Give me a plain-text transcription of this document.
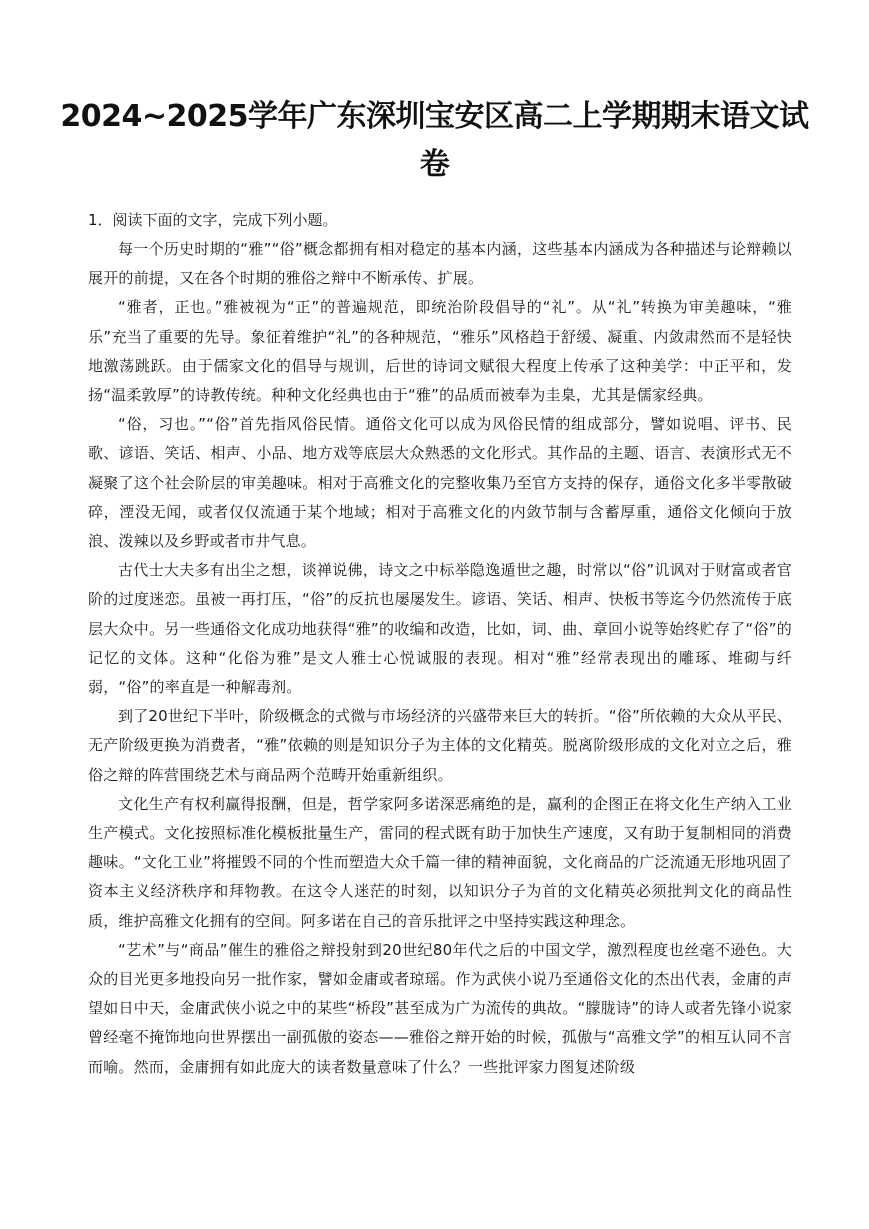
2024~2025学年广东深圳宝安区高二上学期期末语文试卷

1．阅读下面的文字，完成下列小题。

每一个历史时期的“雅”“俗”概念都拥有相对稳定的基本内涵，这些基本内涵成为各种描述与论辩赖以展开的前提，又在各个时期的雅俗之辩中不断承传、扩展。

“雅者，正也。”雅被视为“正”的普遍规范，即统治阶段倡导的“礼”。从“礼”转换为审美趣味，“雅乐”充当了重要的先导。象征着维护“礼”的各种规范，“雅乐”风格趋于舒缓、凝重、内敛肃然而不是轻快地激荡跳跃。由于儒家文化的倡导与规训，后世的诗词文赋很大程度上传承了这种美学：中正平和，发扬“温柔敦厚”的诗教传统。种种文化经典也由于“雅”的品质而被奉为圭臬，尤其是儒家经典。

“俗，习也。”“俗”首先指风俗民情。通俗文化可以成为风俗民情的组成部分，譬如说唱、评书、民歌、谚语、笑话、相声、小品、地方戏等底层大众熟悉的文化形式。其作品的主题、语言、表演形式无不凝聚了这个社会阶层的审美趣味。相对于高雅文化的完整收集乃至官方支持的保存，通俗文化多半零散破碎，湮没无闻，或者仅仅流通于某个地域；相对于高雅文化的内敛节制与含蓄厚重，通俗文化倾向于放浪、泼辣以及乡野或者市井气息。

古代士大夫多有出尘之想，谈禅说佛，诗文之中标举隐逸遁世之趣，时常以“俗”讥讽对于财富或者官阶的过度迷恋。虽被一再打压，“俗”的反抗也屡屡发生。谚语、笑话、相声、快板书等迄今仍然流传于底层大众中。另一些通俗文化成功地获得“雅”的收编和改造，比如，词、曲、章回小说等始终贮存了“俗”的记忆的文体。这种“化俗为雅”是文人雅士心悦诚服的表现。相对“雅”经常表现出的雕琢、堆砌与纤弱，“俗”的率直是一种解毒剂。

到了20世纪下半叶，阶级概念的式微与市场经济的兴盛带来巨大的转折。“俗”所依赖的大众从平民、无产阶级更换为消费者，“雅”依赖的则是知识分子为主体的文化精英。脱离阶级形成的文化对立之后，雅俗之辩的阵营围绕艺术与商品两个范畴开始重新组织。

文化生产有权利赢得报酬，但是，哲学家阿多诺深恶痛绝的是，赢利的企图正在将文化生产纳入工业生产模式。文化按照标准化模板批量生产，雷同的程式既有助于加快生产速度，又有助于复制相同的消费趣味。“文化工业”将摧毁不同的个性而塑造大众千篇一律的精神面貌，文化商品的广泛流通无形地巩固了资本主义经济秩序和拜物教。在这令人迷茫的时刻，以知识分子为首的文化精英必须批判文化的商品性质，维护高雅文化拥有的空间。阿多诺在自己的音乐批评之中坚持实践这种理念。

“艺术”与“商品”催生的雅俗之辩投射到20世纪80年代之后的中国文学，激烈程度也丝毫不逊色。大众的目光更多地投向另一批作家，譬如金庸或者琼瑶。作为武侠小说乃至通俗文化的杰出代表，金庸的声望如日中天，金庸武侠小说之中的某些“桥段”甚至成为广为流传的典故。“朦胧诗”的诗人或者先锋小说家曾经毫不掩饰地向世界摆出一副孤傲的姿态——雅俗之辩开始的时候，孤傲与“高雅文学”的相互认同不言而喻。然而，金庸拥有如此庞大的读者数量意味了什么？一些批评家力图复述阶级
